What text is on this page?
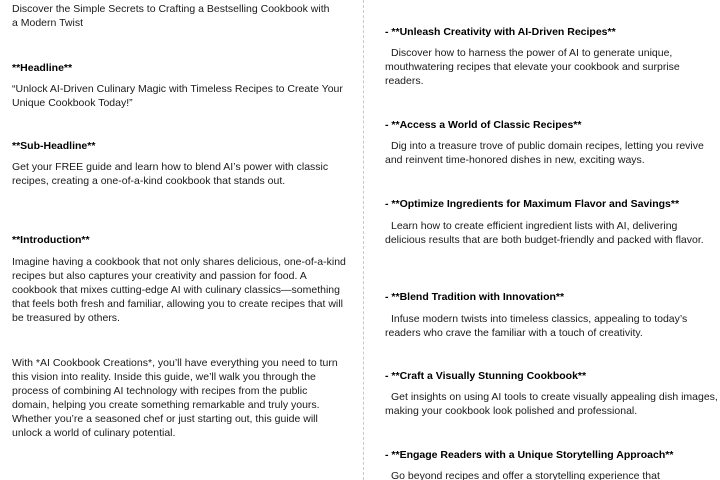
Discover the Simple Secrets to Crafting a Bestselling Cookbook with a Modern Twist

**Headline**

“Unlock AI-Driven Culinary Magic with Timeless Recipes to Create Your Unique Cookbook Today!”

**Sub-Headline**

Get your FREE guide and learn how to blend AI’s power with classic recipes, creating a one-of-a-kind cookbook that stands out.

**Introduction**

Imagine having a cookbook that not only shares delicious, one-of-a-kind recipes but also captures your creativity and passion for food. A cookbook that mixes cutting-edge AI with culinary classics—something that feels both fresh and familiar, allowing you to create recipes that will be treasured by others.

With *AI Cookbook Creations*, you’ll have everything you need to turn this vision into reality. Inside this guide, we’ll walk you through the process of combining AI technology with recipes from the public domain, helping you create something remarkable and truly yours. Whether you’re a seasoned chef or just starting out, this guide will unlock a world of culinary potential.

- **Unleash Creativity with AI-Driven Recipes**

Discover how to harness the power of AI to generate unique, mouthwatering recipes that elevate your cookbook and surprise readers.

- **Access a World of Classic Recipes**

Dig into a treasure trove of public domain recipes, letting you revive and reinvent time-honored dishes in new, exciting ways.

- **Optimize Ingredients for Maximum Flavor and Savings**

Learn how to create efficient ingredient lists with AI, delivering delicious results that are both budget-friendly and packed with flavor.

- **Blend Tradition with Innovation**

Infuse modern twists into timeless classics, appealing to today’s readers who crave the familiar with a touch of creativity.

- **Craft a Visually Stunning Cookbook**

Get insights on using AI tools to create visually appealing dish images, making your cookbook look polished and professional.

- **Engage Readers with a Unique Storytelling Approach**

Go beyond recipes and offer a storytelling experience that
